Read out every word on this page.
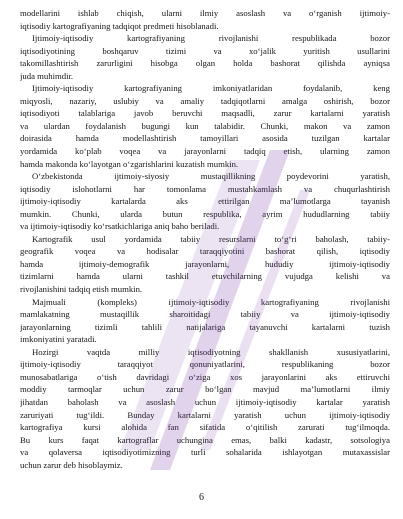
modellarini ishlab chiqish, ularni ilmiy asoslash va o‘rganish ijtimoiy-
iqtisodiy kartografiyaning tadqiqot predmeti hisoblanadi.
Ijtimoiy-iqtisodiy kartografiyaning rivojlanishi respublikada bozor
iqtisodiyotining boshqaruv tizimi va xo‘jalik yuritish usullarini
takomillashtirish zarurligini hisobga olgan holda bashorat qilishda ayniqsa
juda muhimdir.
Ijtimoiy-iqtisodiy kartografiyaning imkoniyatlaridan foydalanib, keng
miqyosli, nazariy, uslubiy va amaliy tadqiqotlarni amalga oshirish, bozor
iqtisodiyoti talablariga javob beruvchi maqsadli, zarur kartalarni yaratish
va ulardan foydalanish bugungi kun talabidir. Chunki, makon va zamon
doirasida hamda modellashtirish tamoyillari asosida tuzilgan kartalar
yordamida ko‘plab voqea va jarayonlarni tadqiq etish, ularning zamon
hamda makonda ko‘layotgan o‘zgarishlarini kuzatish mumkin.
O‘zbekistonda ijtimoiy-siyosiy mustaqillikning poydevorini yaratish,
iqtisodiy islohotlarni har tomonlama mustahkamlash va chuqurlashtirish
ijtimoiy-iqtisodiy kartalarda aks ettirilgan ma’lumotlarga tayanish
mumkin. Chunki, ularda butun respublika, ayrim hududlarning tabiiy
va ijtimoiy-iqtisodiy ko‘rsatkichlariga aniq baho beriladi.
Kartografik usul yordamida tabiiy resurslarni to‘g‘ri baholash, tabiiy-
geografik voqea va hodisalar taraqqiyotini bashorat qilish, iqtisodiy
hamda ijtimoiy-demografik jarayonlarni, hududiy ijtimoiy-iqtisodiy
tizimlarni hamda ularni tashkil etuvchilarning vujudga kelishi va
rivojlanishini tadqiq etish mumkin.
Majmuali (kompleks) ijtimoiy-iqtisodiy kartografiyaning rivojlanishi
mamlakatning mustaqillik sharoitidagi tabiiy va ijtimoiy-iqtisodiy
jarayonlarning tizimli tahlili natijalariga tayanuvchi kartalarni tuzish
imkoniyatini yaratadi.
Hozirgi vaqtda milliy iqtisodiyotning shakllanish xususiyatlarini,
ijtimoiy-iqtisodiy taraqqiyot qonuniyatlarini, respublikaning bozor
munosabatlariga o‘tish davridagi o‘ziga xos jarayonlarini aks ettiruvchi
moddiy tarmoqlar uchun zarur bo‘lgan mavjud ma’lumotlarni ilmiy
jihatdan baholash va asoslash uchun ijtimoiy-iqtisodiy kartalar yaratish
zaruriyati tug‘ildi. Bunday kartalarni yaratish uchun ijtimoiy-iqtisodiy
kartografiya kursi alohida fan sifatida o‘qitilish zarurati tug‘ilmoqda.
Bu kurs faqat kartograflar uchungina emas, balki kadastr, sotsologiya
va qolaversa iqtisodiyotimizning turli sohalarida ishlayotgan mutaxassislar
uchun zarur deb hisoblaymiz.
6
